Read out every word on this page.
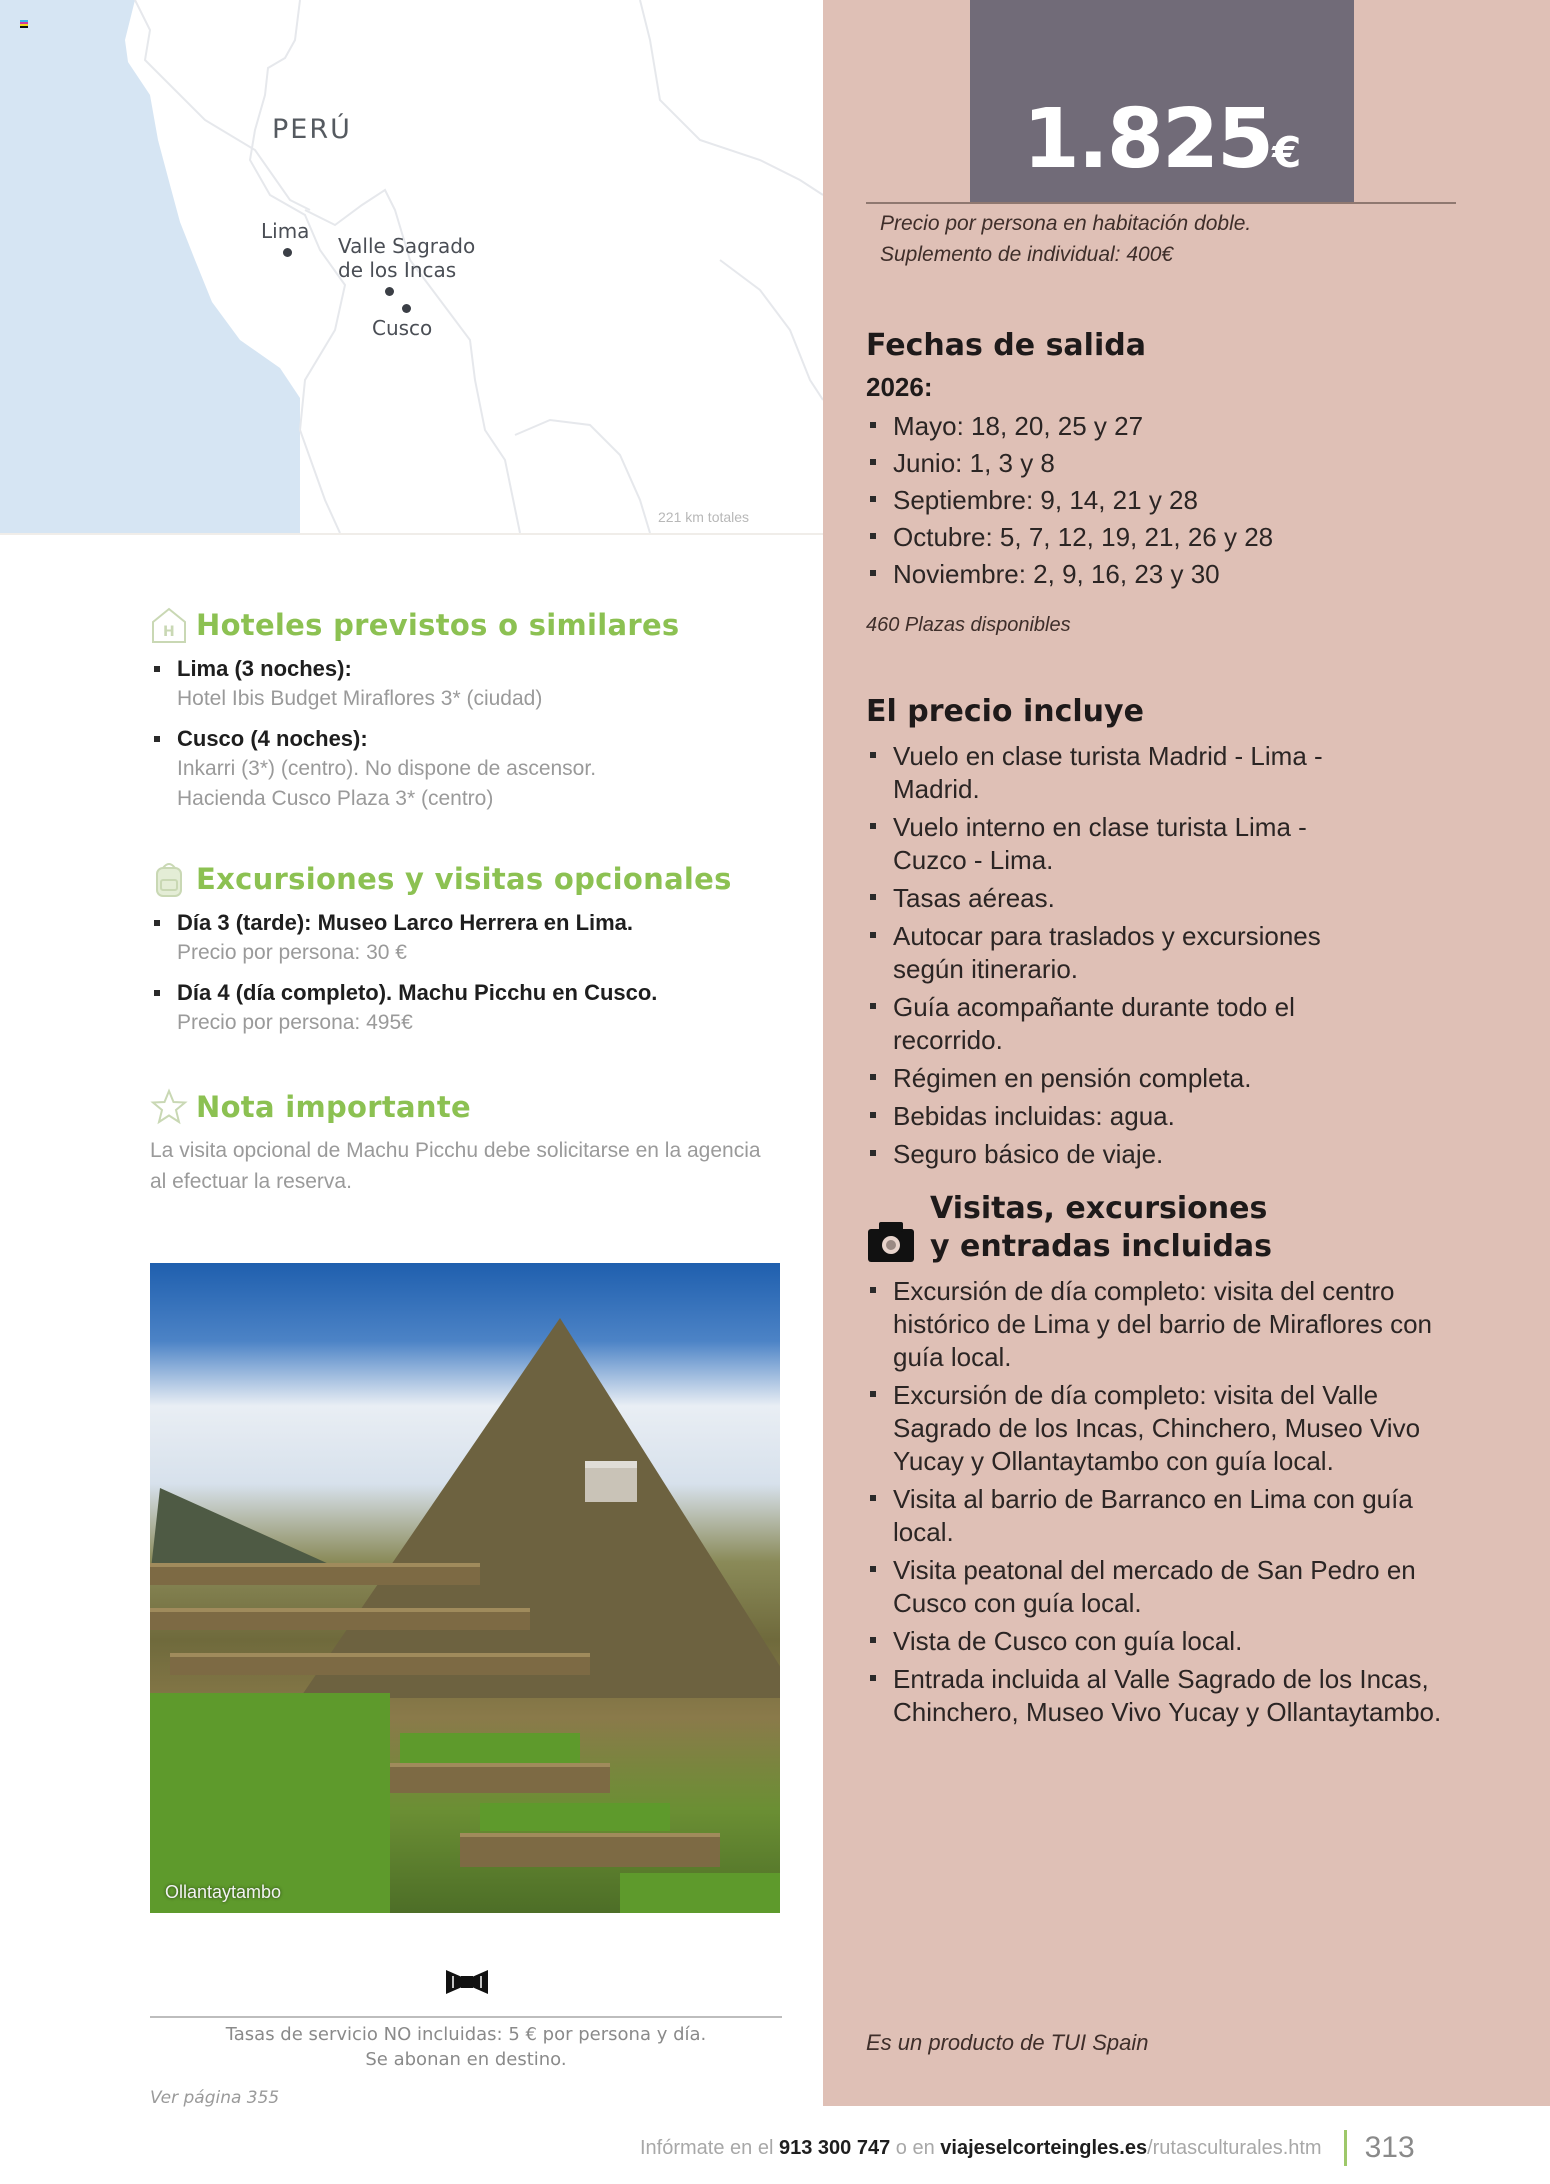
PERÚ
Lima
Valle Sagrado
de los Incas
Cusco
221 km totales
1.825€
Precio por persona en habitación doble.
Suplemento de individual: 400€
Fechas de salida
2026:
Mayo: 18, 20, 25 y 27
Junio: 1, 3 y 8
Septiembre: 9, 14, 21 y 28
Octubre: 5, 7, 12, 19, 21, 26 y 28
Noviembre: 2, 9, 16, 23 y 30
460 Plazas disponibles
El precio incluye
Vuelo en clase turista Madrid - Lima - Madrid.
Vuelo interno en clase turista Lima - Cuzco - Lima.
Tasas aéreas.
Autocar para traslados y excursiones según itinerario.
Guía acompañante durante todo el recorrido.
Régimen en pensión completa.
Bebidas incluidas: agua.
Seguro básico de viaje.
Visitas, excursiones
y entradas incluidas
Excursión de día completo: visita del centro histórico de Lima y del barrio de Miraflores con guía local.
Excursión de día completo: visita del Valle Sagrado de los Incas, Chinchero, Museo Vivo Yucay y Ollantaytambo con guía local.
Visita al barrio de Barranco en Lima con guía local.
Visita peatonal del mercado de San Pedro en Cusco con guía local.
Vista de Cusco con guía local.
Entrada incluida al Valle Sagrado de los Incas, Chinchero, Museo Vivo Yucay y Ollantaytambo.
Es un producto de TUI Spain
H Hoteles previstos o similares
Lima (3 noches):
Hotel Ibis Budget Miraflores 3* (ciudad)
Cusco (4 noches):
Inkarri (3*) (centro). No dispone de ascensor.
Hacienda Cusco Plaza 3* (centro)
Excursiones y visitas opcionales
Día 3 (tarde): Museo Larco Herrera en Lima.
Precio por persona: 30 €
Día 4 (día completo). Machu Picchu en Cusco.
Precio por persona: 495€
Nota importante
La visita opcional de Machu Picchu debe solicitarse en la agencia al efectuar la reserva.
Ollantaytambo
Tasas de servicio NO incluidas: 5 € por persona y día.
Se abonan en destino.
Ver página 355
Infórmate en el
913 300 747
o en
viajeselcorteingles.es/rutasculturales.htm 313
